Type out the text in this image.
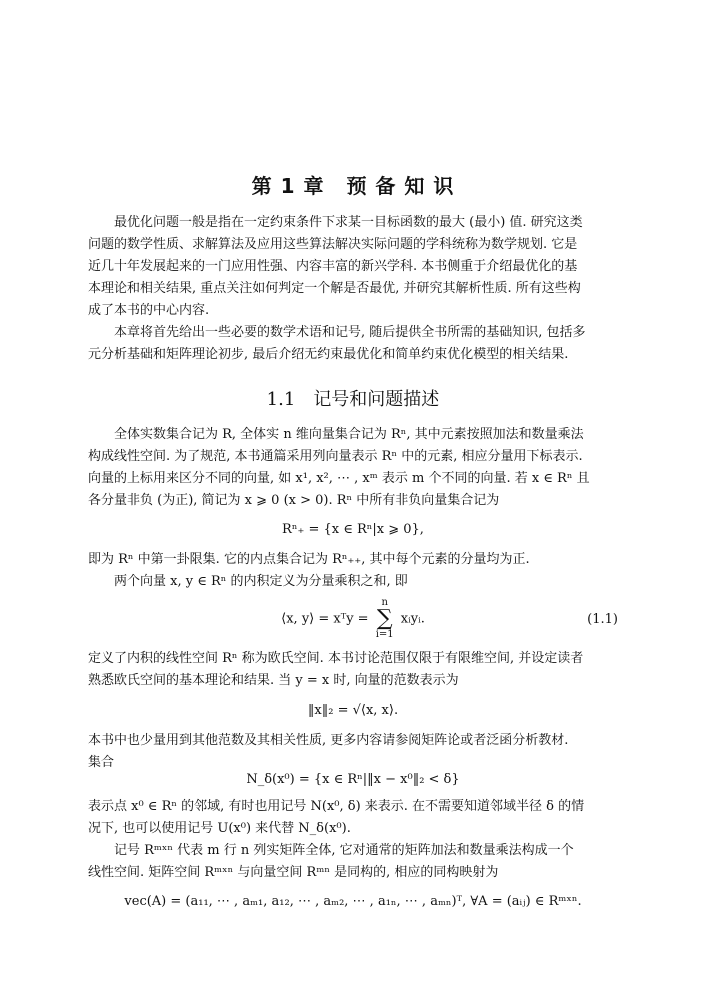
第 1 章 预 备 知 识

最优化问题一般是指在一定约束条件下求某一目标函数的最大 (最小) 值. 研究这类
问题的数学性质、求解算法及应用这些算法解决实际问题的学科统称为数学规划. 它是
近几十年发展起来的一门应用性强、内容丰富的新兴学科. 本书侧重于介绍最优化的基
本理论和相关结果, 重点关注如何判定一个解是否最优, 并研究其解析性质. 所有这些构
成了本书的中心内容.

本章将首先给出一些必要的数学术语和记号, 随后提供全书所需的基础知识, 包括多
元分析基础和矩阵理论初步, 最后介绍无约束最优化和简单约束优化模型的相关结果.

1.1 记号和问题描述

全体实数集合记为 R, 全体实 n 维向量集合记为 Rⁿ, 其中元素按照加法和数量乘法
构成线性空间. 为了规范, 本书通篇采用列向量表示 Rⁿ 中的元素, 相应分量用下标表示.
向量的上标用来区分不同的向量, 如 x¹, x², ⋯ , xᵐ 表示 m 个不同的向量. 若 x ∈ Rⁿ 且
各分量非负 (为正), 简记为 x ⩾ 0 (x > 0). Rⁿ 中所有非负向量集合记为

Rⁿ₊ = {x ∈ Rⁿ|x ⩾ 0},

即为 Rⁿ 中第一卦限集. 它的内点集合记为 Rⁿ₊₊, 其中每个元素的分量均为正.

两个向量 x, y ∈ Rⁿ 的内积定义为分量乘积之和, 即

⟨x, y⟩ = xᵀy = n
∑
i=1 xᵢyᵢ.	(1.1)

定义了内积的线性空间 Rⁿ 称为欧氏空间. 本书讨论范围仅限于有限维空间, 并设定读者
熟悉欧氏空间的基本理论和结果. 当 y = x 时, 向量的范数表示为

‖x‖₂ = √⟨x, x⟩.

本书中也少量用到其他范数及其相关性质, 更多内容请参阅矩阵论或者泛函分析教材.
集合

N_δ(x⁰) = {x ∈ Rⁿ|‖x − x⁰‖₂ < δ}

表示点 x⁰ ∈ Rⁿ 的邻域, 有时也用记号 N(x⁰, δ) 来表示. 在不需要知道邻域半径 δ 的情
况下, 也可以使用记号 U(x⁰) 来代替 N_δ(x⁰).

记号 Rᵐˣⁿ 代表 m 行 n 列实矩阵全体, 它对通常的矩阵加法和数量乘法构成一个
线性空间. 矩阵空间 Rᵐˣⁿ 与向量空间 Rᵐⁿ 是同构的, 相应的同构映射为

vec(A) = (a₁₁, ⋯ , aₘ₁, a₁₂, ⋯ , aₘ₂, ⋯ , a₁ₙ, ⋯ , aₘₙ)ᵀ, ∀A = (aᵢⱼ) ∈ Rᵐˣⁿ.
